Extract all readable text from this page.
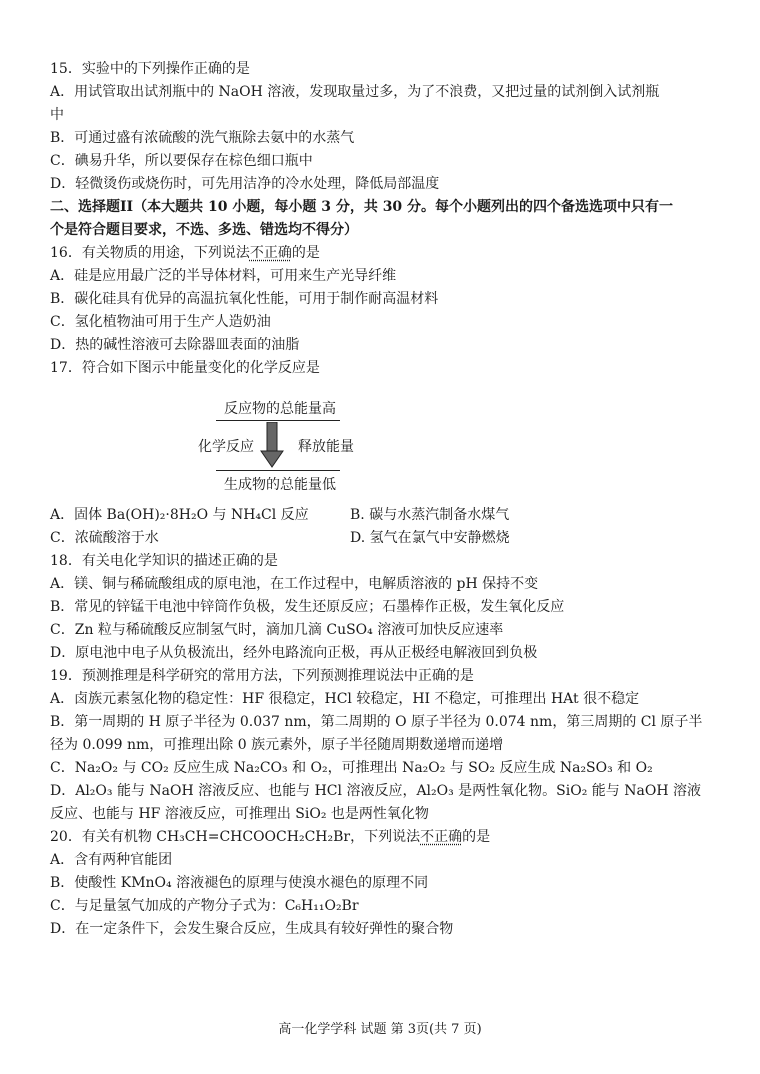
15．实验中的下列操作正确的是
A．用试管取出试剂瓶中的 NaOH 溶液，发现取量过多，为了不浪费，又把过量的试剂倒入试剂瓶
中
B．可通过盛有浓硫酸的洗气瓶除去氨中的水蒸气
C．碘易升华，所以要保存在棕色细口瓶中
D．轻微烫伤或烧伤时，可先用洁净的冷水处理，降低局部温度
二、选择题II（本大题共 10 小题，每小题 3 分，共 30 分。每个小题列出的四个备选选项中只有一
个是符合题目要求，不选、多选、错选均不得分）
16．有关物质的用途，下列说法不正确的是
A．硅是应用最广泛的半导体材料，可用来生产光导纤维
B．碳化硅具有优异的高温抗氧化性能，可用于制作耐高温材料
C．氢化植物油可用于生产人造奶油
D．热的碱性溶液可去除器皿表面的油脂
17．符合如下图示中能量变化的化学反应是
反应物的总能量高
化学反应	释放能量
生成物的总能量低
A．固体 Ba(OH)₂·8H₂O 与 NH₄Cl 反应	B. 碳与水蒸汽制备水煤气
C．浓硫酸溶于水	D. 氢气在氯气中安静燃烧
18．有关电化学知识的描述正确的是
A．镁、铜与稀硫酸组成的原电池，在工作过程中，电解质溶液的 pH 保持不变
B．常见的锌锰干电池中锌筒作负极，发生还原反应；石墨棒作正极，发生氧化反应
C．Zn 粒与稀硫酸反应制氢气时，滴加几滴 CuSO₄ 溶液可加快反应速率
D．原电池中电子从负极流出，经外电路流向正极，再从正极经电解液回到负极
19．预测推理是科学研究的常用方法，下列预测推理说法中正确的是
A．卤族元素氢化物的稳定性：HF 很稳定，HCl 较稳定，HI 不稳定，可推理出 HAt 很不稳定
B．第一周期的 H 原子半径为 0.037 nm，第二周期的 O 原子半径为 0.074 nm，第三周期的 Cl 原子半
径为 0.099 nm，可推理出除 0 族元素外，原子半径随周期数递增而递增
C．Na₂O₂ 与 CO₂ 反应生成 Na₂CO₃ 和 O₂，可推理出 Na₂O₂ 与 SO₂ 反应生成 Na₂SO₃ 和 O₂
D．Al₂O₃ 能与 NaOH 溶液反应、也能与 HCl 溶液反应，Al₂O₃ 是两性氧化物。SiO₂ 能与 NaOH 溶液
反应、也能与 HF 溶液反应，可推理出 SiO₂ 也是两性氧化物
20．有关有机物 CH₃CH=CHCOOCH₂CH₂Br，下列说法不正确的是
A．含有两种官能团
B．使酸性 KMnO₄ 溶液褪色的原理与使溴水褪色的原理不同
C．与足量氢气加成的产物分子式为：C₆H₁₁O₂Br
D．在一定条件下，会发生聚合反应，生成具有较好弹性的聚合物
高一化学学科 试题 第 3页(共 7 页)
